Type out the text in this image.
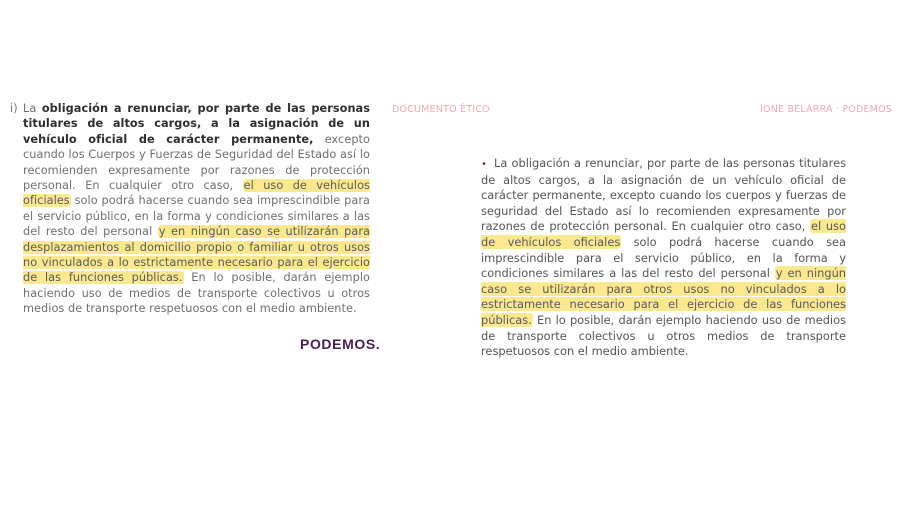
i) La obligación a renunciar, por parte de las personas titulares de altos cargos, a la asignación de un vehículo oficial de carácter permanente, excepto cuando los Cuerpos y Fuerzas de Seguridad del Estado así lo recomienden expresamente por razones de protección personal. En cualquier otro caso, el uso de vehículos oficiales solo podrá hacerse cuando sea imprescindible para el servicio público, en la forma y condiciones similares a las del resto del personal y en ningún caso se utilizarán para desplazamientos al domicilio propio o familiar u otros usos no vinculados a lo estrictamente necesario para el ejercicio de las funciones públicas. En lo posible, darán ejemplo haciendo uso de medios de transporte colectivos u otros medios de transporte respetuosos con el medio ambiente.
PODEMOS.
DOCUMENTO ÉTICO	IONE BELARRA · PODEMOS
• La obligación a renunciar, por parte de las personas titulares de altos cargos, a la asignación de un vehículo oficial de carácter permanente, excepto cuando los cuerpos y fuerzas de seguridad del Estado así lo recomienden expresamente por razones de protección personal. En cualquier otro caso, el uso de vehículos oficiales solo podrá hacerse cuando sea imprescindible para el servicio público, en la forma y condiciones similares a las del resto del personal y en ningún caso se utilizarán para otros usos no vinculados a lo estrictamente necesario para el ejercicio de las funciones públicas. En lo posible, darán ejemplo haciendo uso de medios de transporte colectivos u otros medios de transporte respetuosos con el medio ambiente.
